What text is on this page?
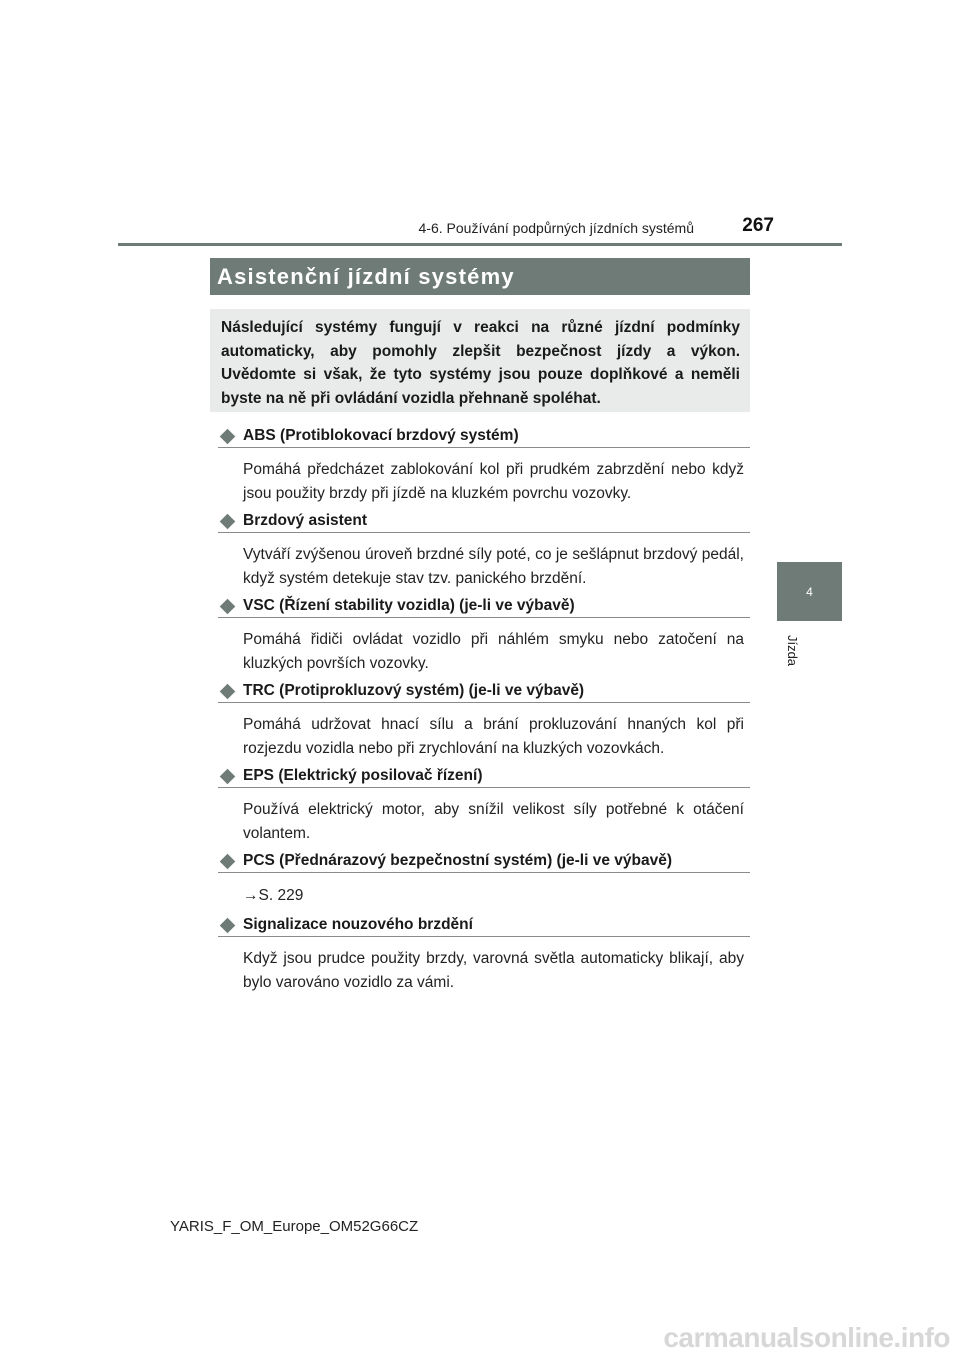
4-6. Používání podpůrných jízdních systémů	267
4
Jízda
Asistenční jízdní systémy
Následující systémy fungují v reakci na různé jízdní podmínky automaticky, aby pomohly zlepšit bezpečnost jízdy a výkon. Uvědomte si však, že tyto systémy jsou pouze doplňkové a neměli byste na ně při ovládání vozidla přehnaně spoléhat.
ABS (Protiblokovací brzdový systém)
Pomáhá předcházet zablokování kol při prudkém zabrzdění nebo když jsou použity brzdy při jízdě na kluzkém povrchu vozovky.
Brzdový asistent
Vytváří zvýšenou úroveň brzdné síly poté, co je sešlápnut brzdový pedál, když systém detekuje stav tzv. panického brzdění.
VSC (Řízení stability vozidla) (je-li ve výbavě)
Pomáhá řidiči ovládat vozidlo při náhlém smyku nebo zatočení na kluzkých površích vozovky.
TRC (Protiprokluzový systém) (je-li ve výbavě)
Pomáhá udržovat hnací sílu a brání prokluzování hnaných kol při rozjezdu vozidla nebo při zrychlování na kluzkých vozovkách.
EPS (Elektrický posilovač řízení)
Používá elektrický motor, aby snížil velikost síly potřebné k otáčení volantem.
PCS (Přednárazový bezpečnostní systém) (je-li ve výbavě)
→S. 229
Signalizace nouzového brzdění
Když jsou prudce použity brzdy, varovná světla automaticky blikají, aby bylo varováno vozidlo za vámi.
YARIS_F_OM_Europe_OM52G66CZ
carmanualsonline.info
